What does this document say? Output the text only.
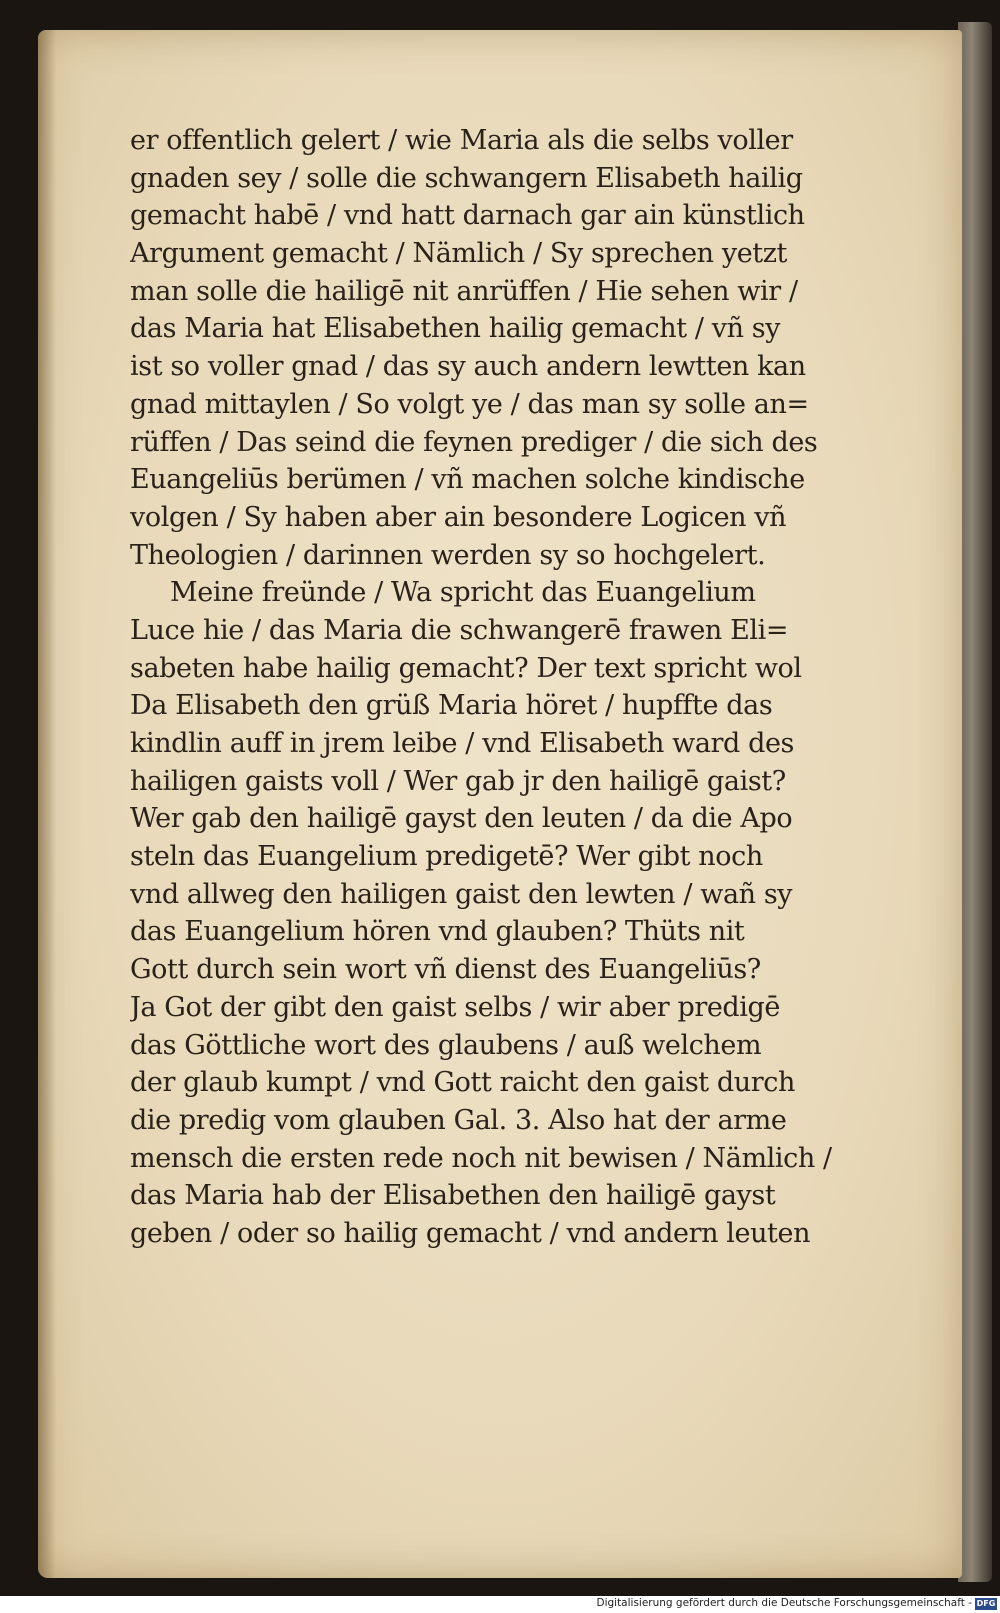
er offentlich gelert / wie Maria als die selbs voller
gnaden sey / solle die schwangern Elisabeth hailig
gemacht habē / vnd hatt darnach gar ain künstlich
Argument gemacht / Nämlich / Sy sprechen yetzt
man solle die hailigē nit anrüffen / Hie sehen wir /
das Maria hat Elisabethen hailig gemacht / vñ sy
ist so voller gnad / das sy auch andern lewtten kan
gnad mittaylen / So volgt ye / das man sy solle an=
rüffen / Das seind die feynen prediger / die sich des
Euangeliūs berümen / vñ machen solche kindische
volgen / Sy haben aber ain besondere Logicen vñ
Theologien / darinnen werden sy so hochgelert.
Meine freünde / Wa spricht das Euangelium
Luce hie / das Maria die schwangerē frawen Eli=
sabeten habe hailig gemacht? Der text spricht wol
Da Elisabeth den grüß Maria höret / hupffte das
kindlin auff in jrem leibe / vnd Elisabeth ward des
hailigen gaists voll / Wer gab jr den hailigē gaist?
Wer gab den hailigē gayst den leuten / da die Apo
steln das Euangelium predigetē? Wer gibt noch
vnd allweg den hailigen gaist den lewten / wañ sy
das Euangelium hören vnd glauben? Thüts nit
Gott durch sein wort vñ dienst des Euangeliūs?
Ja Got der gibt den gaist selbs / wir aber predigē
das Göttliche wort des glaubens / auß welchem
der glaub kumpt / vnd Gott raicht den gaist durch
die predig vom glauben Gal. 3. Also hat der arme
mensch die ersten rede noch nit bewisen / Nämlich /
das Maria hab der Elisabethen den hailigē gayst
geben / oder so hailig gemacht / vnd andern leuten
Digitalisierung gefördert durch die Deutsche Forschungsgemeinschaft - DFG
